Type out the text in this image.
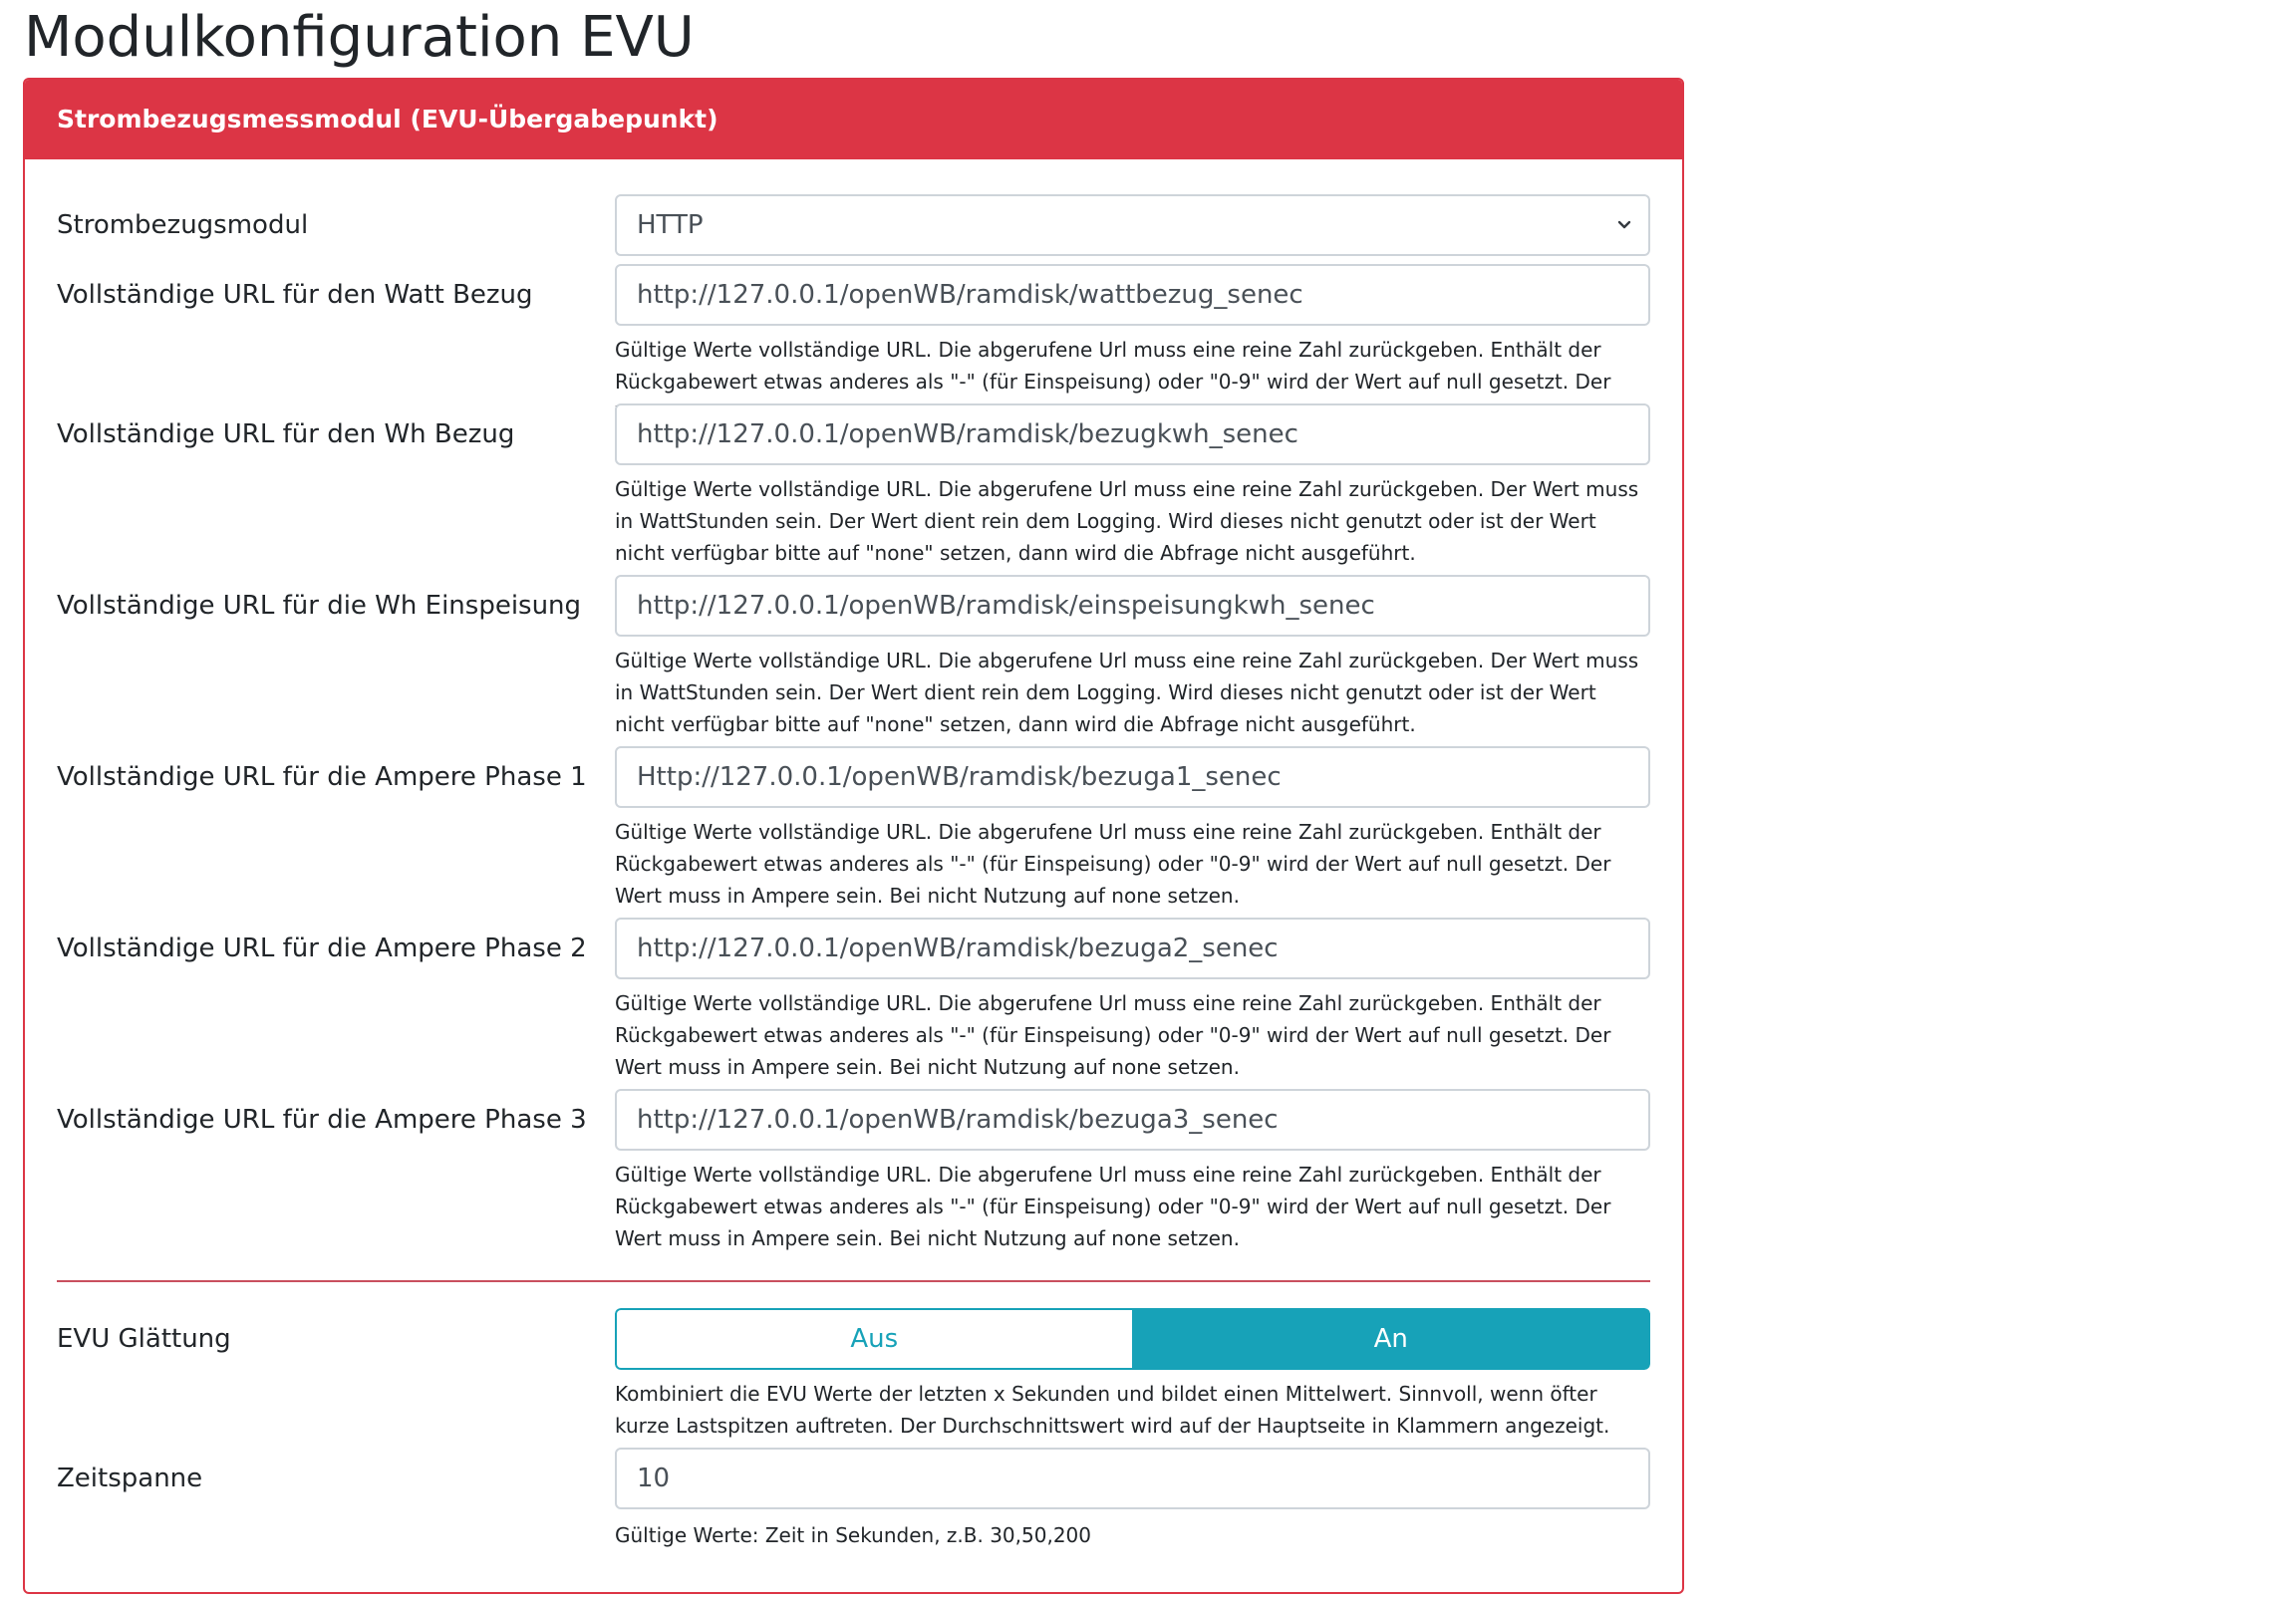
Modulkonfiguration EVU
Strombezugsmessmodul (EVU-Übergabepunkt)
Strombezugsmodul	HTTP
Vollständige URL für den Watt Bezug	http://127.0.0.1/openWB/ramdisk/wattbezug_senec
Gültige Werte vollständige URL. Die abgerufene Url muss eine reine Zahl zurückgeben. Enthält der Rückgabewert etwas anderes als "-" (für Einspeisung) oder "0-9" wird der Wert auf null gesetzt. Der
Vollständige URL für den Wh Bezug	http://127.0.0.1/openWB/ramdisk/bezugkwh_senec
Gültige Werte vollständige URL. Die abgerufene Url muss eine reine Zahl zurückgeben. Der Wert muss in WattStunden sein. Der Wert dient rein dem Logging. Wird dieses nicht genutzt oder ist der Wert nicht verfügbar bitte auf "none" setzen, dann wird die Abfrage nicht ausgeführt.
Vollständige URL für die Wh Einspeisung	http://127.0.0.1/openWB/ramdisk/einspeisungkwh_senec
Gültige Werte vollständige URL. Die abgerufene Url muss eine reine Zahl zurückgeben. Der Wert muss in WattStunden sein. Der Wert dient rein dem Logging. Wird dieses nicht genutzt oder ist der Wert nicht verfügbar bitte auf "none" setzen, dann wird die Abfrage nicht ausgeführt.
Vollständige URL für die Ampere Phase 1	Http://127.0.0.1/openWB/ramdisk/bezuga1_senec
Gültige Werte vollständige URL. Die abgerufene Url muss eine reine Zahl zurückgeben. Enthält der Rückgabewert etwas anderes als "-" (für Einspeisung) oder "0-9" wird der Wert auf null gesetzt. Der Wert muss in Ampere sein. Bei nicht Nutzung auf none setzen.
Vollständige URL für die Ampere Phase 2	http://127.0.0.1/openWB/ramdisk/bezuga2_senec
Gültige Werte vollständige URL. Die abgerufene Url muss eine reine Zahl zurückgeben. Enthält der Rückgabewert etwas anderes als "-" (für Einspeisung) oder "0-9" wird der Wert auf null gesetzt. Der Wert muss in Ampere sein. Bei nicht Nutzung auf none setzen.
Vollständige URL für die Ampere Phase 3	http://127.0.0.1/openWB/ramdisk/bezuga3_senec
Gültige Werte vollständige URL. Die abgerufene Url muss eine reine Zahl zurückgeben. Enthält der Rückgabewert etwas anderes als "-" (für Einspeisung) oder "0-9" wird der Wert auf null gesetzt. Der Wert muss in Ampere sein. Bei nicht Nutzung auf none setzen.
EVU Glättung	Aus	An
Kombiniert die EVU Werte der letzten x Sekunden und bildet einen Mittelwert. Sinnvoll, wenn öfter kurze Lastspitzen auftreten. Der Durchschnittswert wird auf der Hauptseite in Klammern angezeigt.
Zeitspanne	10
Gültige Werte: Zeit in Sekunden, z.B. 30,50,200
